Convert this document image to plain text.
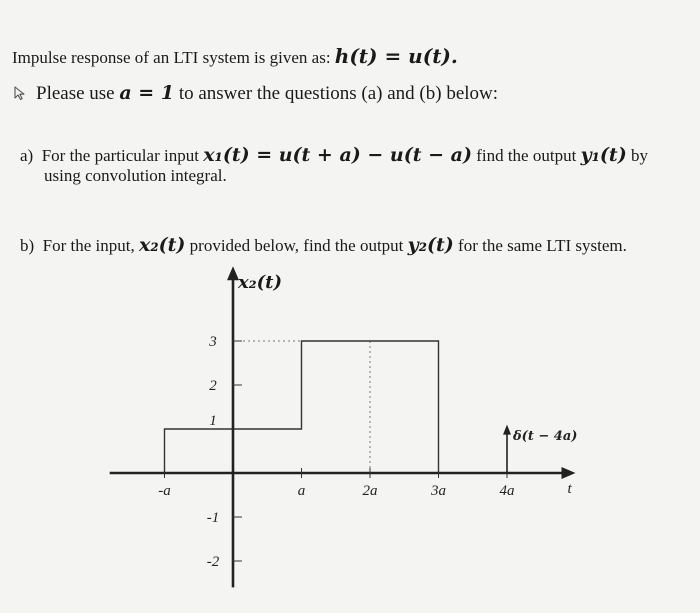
Impulse response of an LTI system is given as: h(t) = u(t).
Please use a = 1 to answer the questions (a) and (b) below:
a) For the particular input x₁(t) = u(t + a) − u(t − a) find the output y₁(t) by
using convolution integral.
b) For the input, x₂(t) provided below, find the output y₂(t) for the same LTI system.
x₂(t)
t
-a	a	2a	3a	4a
3
2
1
-1
-2
δ(t − 4a)
